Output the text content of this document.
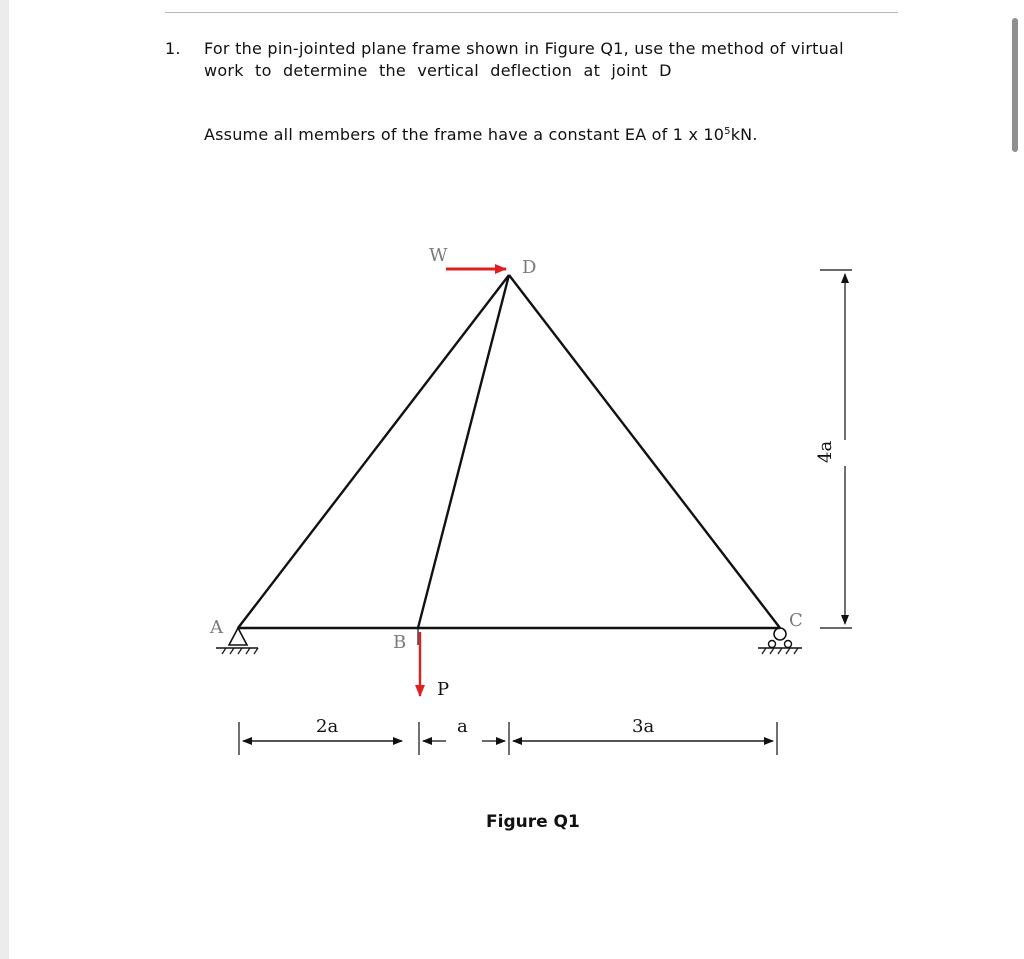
1. For the pin-jointed plane frame shown in Figure Q1, use the method of virtual
work to determine the vertical deflection at joint D
Assume all members of the frame have a constant EA of 1 x $10^5kN$.
A
B
C
D
W
P
2a	a	3a
4a
Figure Q1
